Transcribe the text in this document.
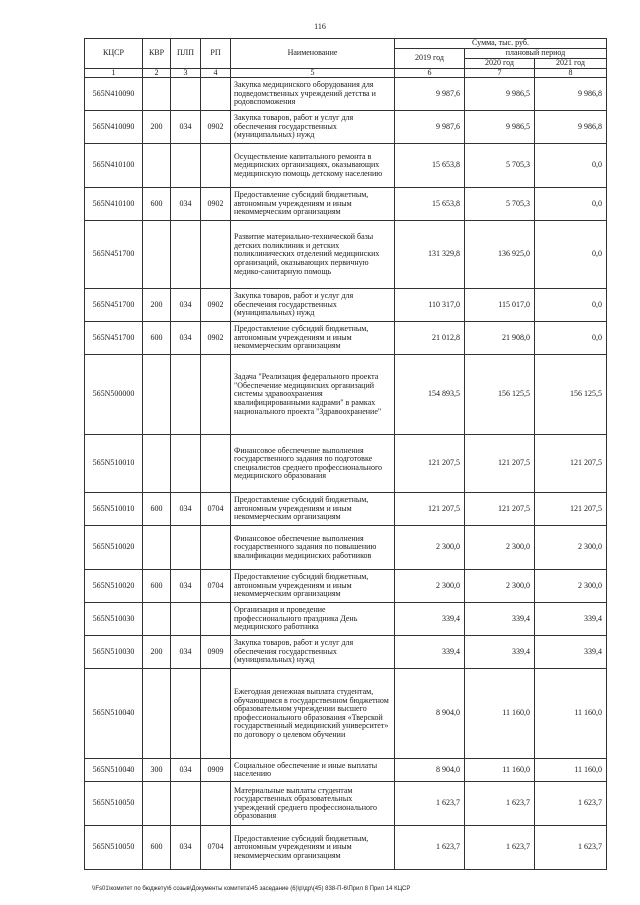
116
КЦСР	КВР	ПЛП	РП	Наименование	Сумма, тыс. руб.		
					2019 год	плановый период	
						2020 год	2021 год
1	2	3	4	5	6	7	8
565N410090				Закупка медицинского оборудования для подведомственных учреждений детства и родовспоможения	9 987,6	9 986,5	9 986,8
565N410090	200	034	0902	Закупка товаров, работ и услуг для обеспечения государственных (муниципальных) нужд	9 987,6	9 986,5	9 986,8
565N410100				Осуществление капитального ремонта в медицинских организациях, оказывающих медицинскую помощь детскому населению	15 653,8	5 705,3	0,0
565N410100	600	034	0902	Предоставление субсидий бюджетным, автономным учреждениям и иным некоммерческим организациям	15 653,8	5 705,3	0,0
565N451700				Развитие материально-технической базы детских поликлиник и детских поликлинических отделений медицинских организаций, оказывающих первичную медико-санитарную помощь	131 329,8	136 925,0	0,0
565N451700	200	034	0902	Закупка товаров, работ и услуг для обеспечения государственных (муниципальных) нужд	110 317,0	115 017,0	0,0
565N451700	600	034	0902	Предоставление субсидий бюджетным, автономным учреждениям и иным некоммерческим организациям	21 012,8	21 908,0	0,0
565N500000				Задача "Реализация федерального проекта "Обеспечение медицинских организаций системы здравоохранения квалифицированными кадрами" в рамках национального проекта "Здравоохранение"	154 893,5	156 125,5	156 125,5
565N510010				Финансовое обеспечение выполнения государственного задания по подготовке специалистов среднего профессионального медицинского образования	121 207,5	121 207,5	121 207,5
565N510010	600	034	0704	Предоставление субсидий бюджетным, автономным учреждениям и иным некоммерческим организациям	121 207,5	121 207,5	121 207,5
565N510020				Финансовое обеспечение выполнения государственного задания по повышению квалификации медицинских работников	2 300,0	2 300,0	2 300,0
565N510020	600	034	0704	Предоставление субсидий бюджетным, автономным учреждениям и иным некоммерческим организациям	2 300,0	2 300,0	2 300,0
565N510030				Организация и проведение профессионального праздника День медицинского работника	339,4	339,4	339,4
565N510030	200	034	0909	Закупка товаров, работ и услуг для обеспечения государственных (муниципальных) нужд	339,4	339,4	339,4
565N510040				Ежегодная денежная выплата студентам, обучающимся в государственном бюджетном образовательном учреждении высшего профессионального образования «Тверской государственный медицинский университет» по договору о целевом обучении	8 904,0	11 160,0	11 160,0
565N510040	300	034	0909	Социальное обеспечение и иные выплаты населению	8 904,0	11 160,0	11 160,0
565N510050				Материальные выплаты студентам государственных образовательных учреждений среднего профессионального образования	1 623,7	1 623,7	1 623,7
565N510050	600	034	0704	Предоставление субсидий бюджетным, автономным учреждениям и иным некоммерческим организациям	1 623,7	1 623,7	1 623,7
\\Fs01\комитет по бюджету\6 созыв\Документы комитета\45 заседание (6)\р\др\(45) 838-П-6\Прил 8 Прил 14 КЦСР
